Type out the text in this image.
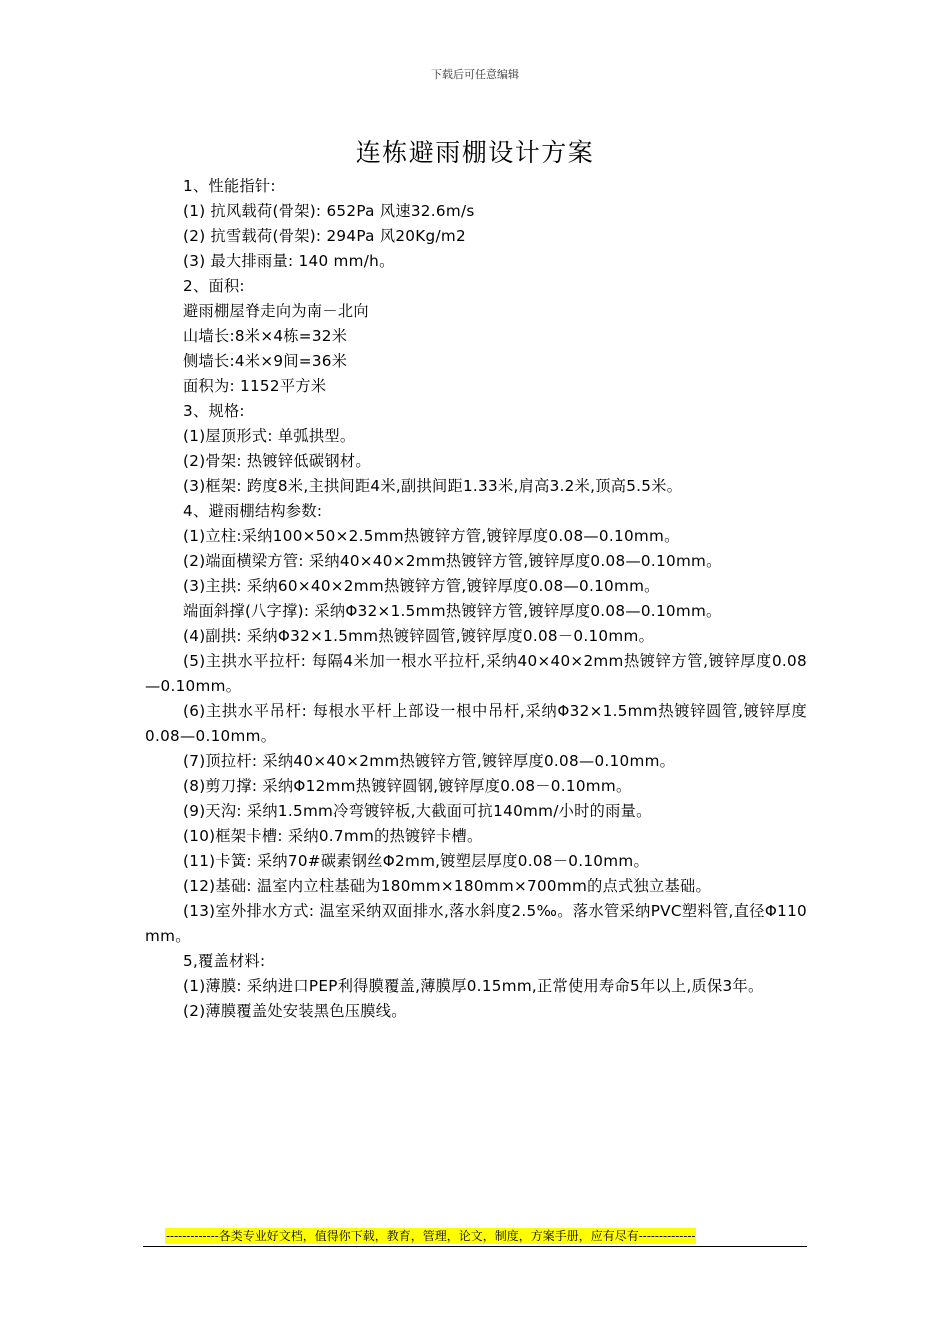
下载后可任意编辑
连栋避雨棚设计方案

1、性能指针:

(1) 抗风载荷(骨架): 652Pa 风速32.6m/s

(2) 抗雪载荷(骨架): 294Pa 风20Kg/m2

(3) 最大排雨量: 140 mm/h。

2、面积:

避雨棚屋脊走向为南－北向

山墙长:8米×4栋=32米

侧墙长:4米×9间=36米

面积为: 1152平方米

3、规格:

(1)屋顶形式: 单弧拱型。

(2)骨架: 热镀锌低碳钢材。

(3)框架: 跨度8米,主拱间距4米,副拱间距1.33米,肩高3.2米,顶高5.5米。

4、避雨棚结构参数:

(1)立柱:采纳100×50×2.5mm热镀锌方管,镀锌厚度0.08—0.10mm。

(2)端面横梁方管: 采纳40×40×2mm热镀锌方管,镀锌厚度0.08—0.10mm。

(3)主拱: 采纳60×40×2mm热镀锌方管,镀锌厚度0.08—0.10mm。

端面斜撑(八字撑): 采纳Φ32×1.5mm热镀锌方管,镀锌厚度0.08—0.10mm。

(4)副拱: 采纳Φ32×1.5mm热镀锌圆管,镀锌厚度0.08－0.10mm。

(5)主拱水平拉杆: 每隔4米加一根水平拉杆,采纳40×40×2mm热镀锌方管,镀锌厚度0.08—0.10mm。

(6)主拱水平吊杆: 每根水平杆上部设一根中吊杆,采纳Φ32×1.5mm热镀锌圆管,镀锌厚度0.08—0.10mm。

(7)顶拉杆: 采纳40×40×2mm热镀锌方管,镀锌厚度0.08—0.10mm。

(8)剪刀撑: 采纳Φ12mm热镀锌圆钢,镀锌厚度0.08－0.10mm。

(9)天沟: 采纳1.5mm冷弯镀锌板,大截面可抗140mm/小时的雨量。

(10)框架卡槽: 采纳0.7mm的热镀锌卡槽。

(11)卡簧: 采纳70#碳素钢丝Φ2mm,镀塑层厚度0.08－0.10mm。

(12)基础: 温室内立柱基础为180mm×180mm×700mm的点式独立基础。

(13)室外排水方式: 温室采纳双面排水,落水斜度2.5‰。落水管采纳PVC塑料管,直径Φ110 mm。

5,覆盖材料:

(1)薄膜: 采纳进口PEP利得膜覆盖,薄膜厚0.15mm,正常使用寿命5年以上,质保3年。

(2)薄膜覆盖处安装黑色压膜线。

-------------各类专业好文档，值得你下载，教育，管理，论文，制度，方案手册，应有尽有--------------
